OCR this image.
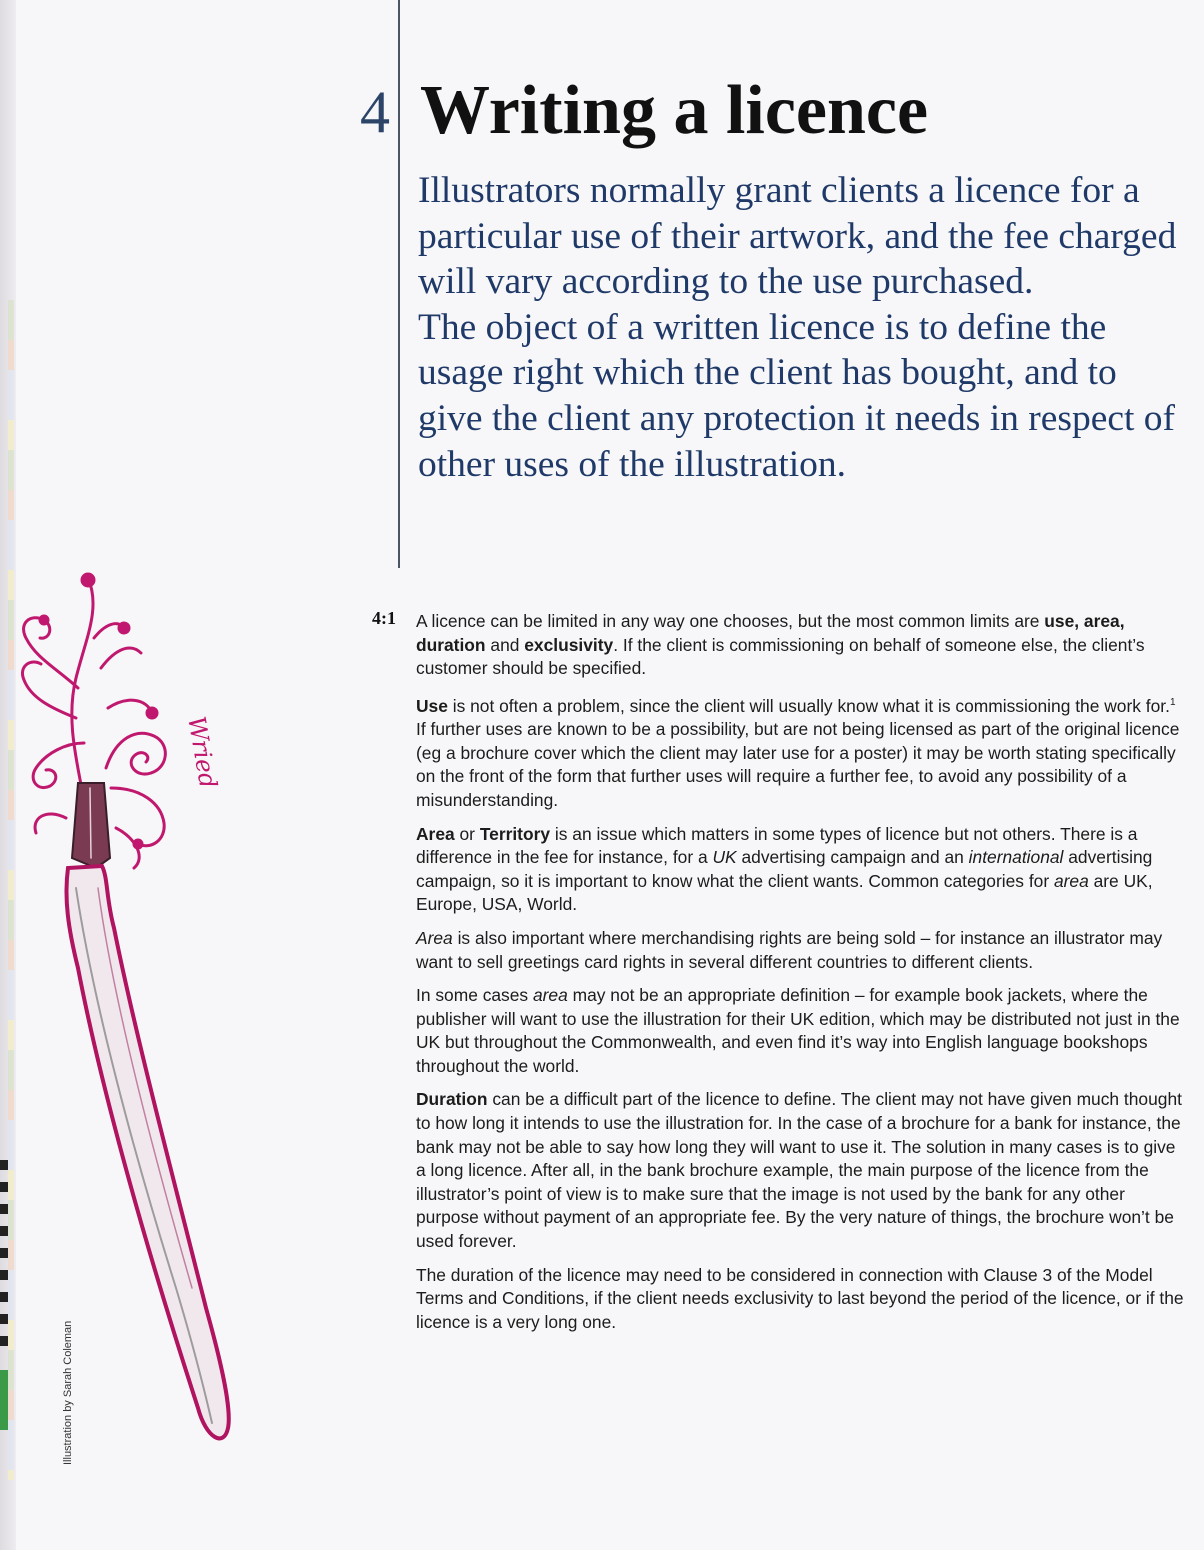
4 Writing a licence

Illustrators normally grant clients a licence for a particular use of their artwork, and the fee charged will vary according to the use purchased.

The object of a written licence is to define the usage right which the client has bought, and to give the client any protection it needs in respect of other uses of the illustration.

4:1 A licence can be limited in any way one chooses, but the most common limits are use, area, duration and exclusivity. If the client is commissioning on behalf of someone else, the client’s customer should be specified.

Use is not often a problem, since the client will usually know what it is commissioning the work for.$^1$ If further uses are known to be a possibility, but are not being licensed as part of the original licence (eg a brochure cover which the client may later use for a poster) it may be worth stating specifically on the front of the form that further uses will require a further fee, to avoid any possibility of a misunderstanding.

Area or Territory is an issue which matters in some types of licence but not others. There is a difference in the fee for instance, for a UK advertising campaign and an international advertising campaign, so it is important to know what the client wants. Common categories for area are UK, Europe, USA, World.

Area is also important where merchandising rights are being sold – for instance an illustrator may want to sell greetings card rights in several different countries to different clients.

In some cases area may not be an appropriate definition – for example book jackets, where the publisher will want to use the illustration for their UK edition, which may be distributed not just in the UK but throughout the Commonwealth, and even find it’s way into English language bookshops throughout the world.

Duration can be a difficult part of the licence to define. The client may not have given much thought to how long it intends to use the illustration for. In the case of a brochure for a bank for instance, the bank may not be able to say how long they will want to use it. The solution in many cases is to give a long licence. After all, in the bank brochure example, the main purpose of the licence from the illustrator’s point of view is to make sure that the image is not used by the bank for any other purpose without payment of an appropriate fee. By the very nature of things, the brochure won’t be used forever.

The duration of the licence may need to be considered in connection with Clause 3 of the Model Terms and Conditions, if the client needs exclusivity to last beyond the period of the licence, or if the licence is a very long one.

Wried
Illustration by Sarah Coleman
